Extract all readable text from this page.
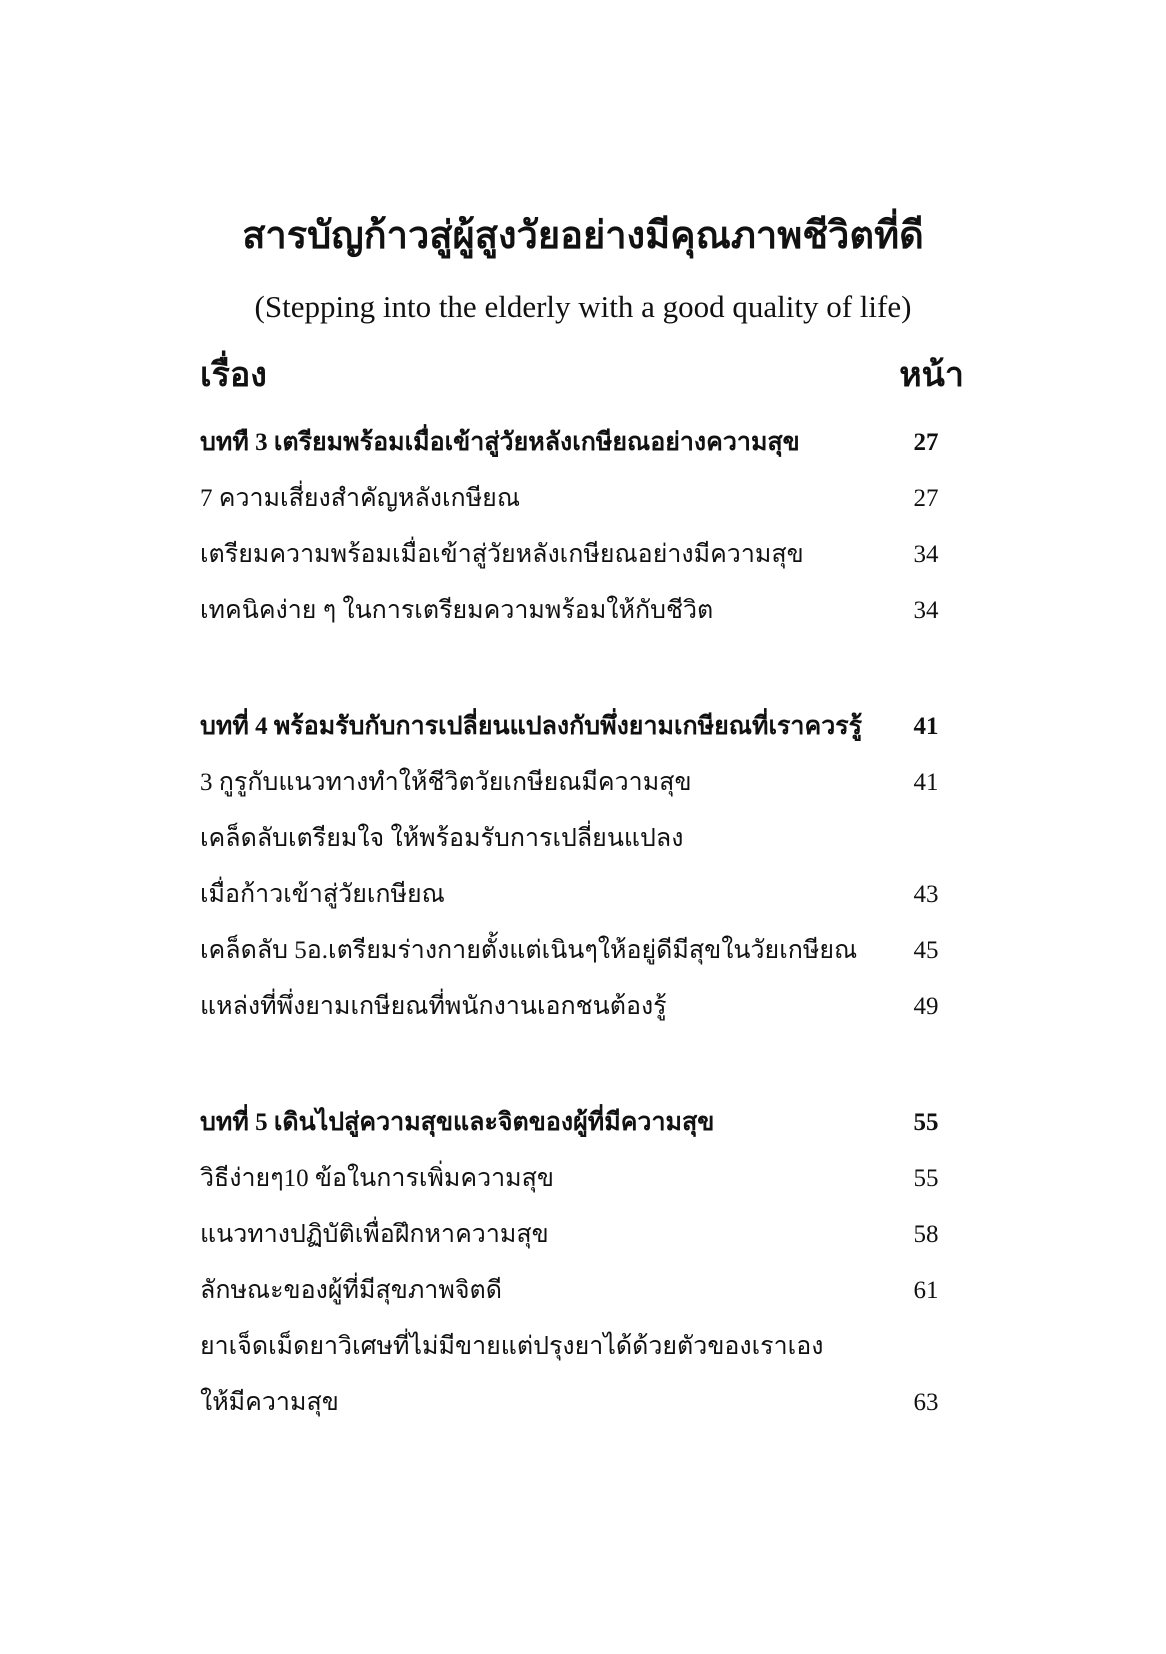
สารบัญก้าวสู่ผู้สูงวัยอย่างมีคุณภาพชีวิตที่ดี
(Stepping into the elderly with a good quality of life)
เรื่อง	หน้า
บททื 3 เตรียมพร้อมเมื่อเข้าสู่วัยหลังเกษียณอย่างความสุข	27
7 ความเสี่ยงสำคัญหลังเกษียณ	27
เตรียมความพร้อมเมื่อเข้าสู่วัยหลังเกษียณอย่างมีความสุข	34
เทคนิคง่าย ๆ ในการเตรียมความพร้อมให้กับชีวิต	34
บทที่ 4 พร้อมรับกับการเปลี่ยนแปลงกับพึ่งยามเกษียณที่เราควรรู้	41
3 กูรูกับแนวทางทำให้ชีวิตวัยเกษียณมีความสุข	41
เคล็ดลับเตรียมใจ ให้พร้อมรับการเปลี่ยนแปลง
เมื่อก้าวเข้าสู่วัยเกษียณ	43
เคล็ดลับ 5อ.เตรียมร่างกายตั้งแต่เนินๆให้อยู่ดีมีสุขในวัยเกษียณ	45
แหล่งที่พึ่งยามเกษียณที่พนักงานเอกชนต้องรู้	49
บทที่ 5 เดินไปสู่ความสุขและจิตของผู้ที่มีความสุข	55
วิธีง่ายๆ10 ข้อในการเพิ่มความสุข	55
แนวทางปฏิบัติเพื่อฝึกหาความสุข	58
ลักษณะของผู้ที่มีสุขภาพจิตดี	61
ยาเจ็ดเม็ดยาวิเศษที่ไม่มีขายแต่ปรุงยาได้ด้วยตัวของเราเอง
ให้มีความสุข	63
